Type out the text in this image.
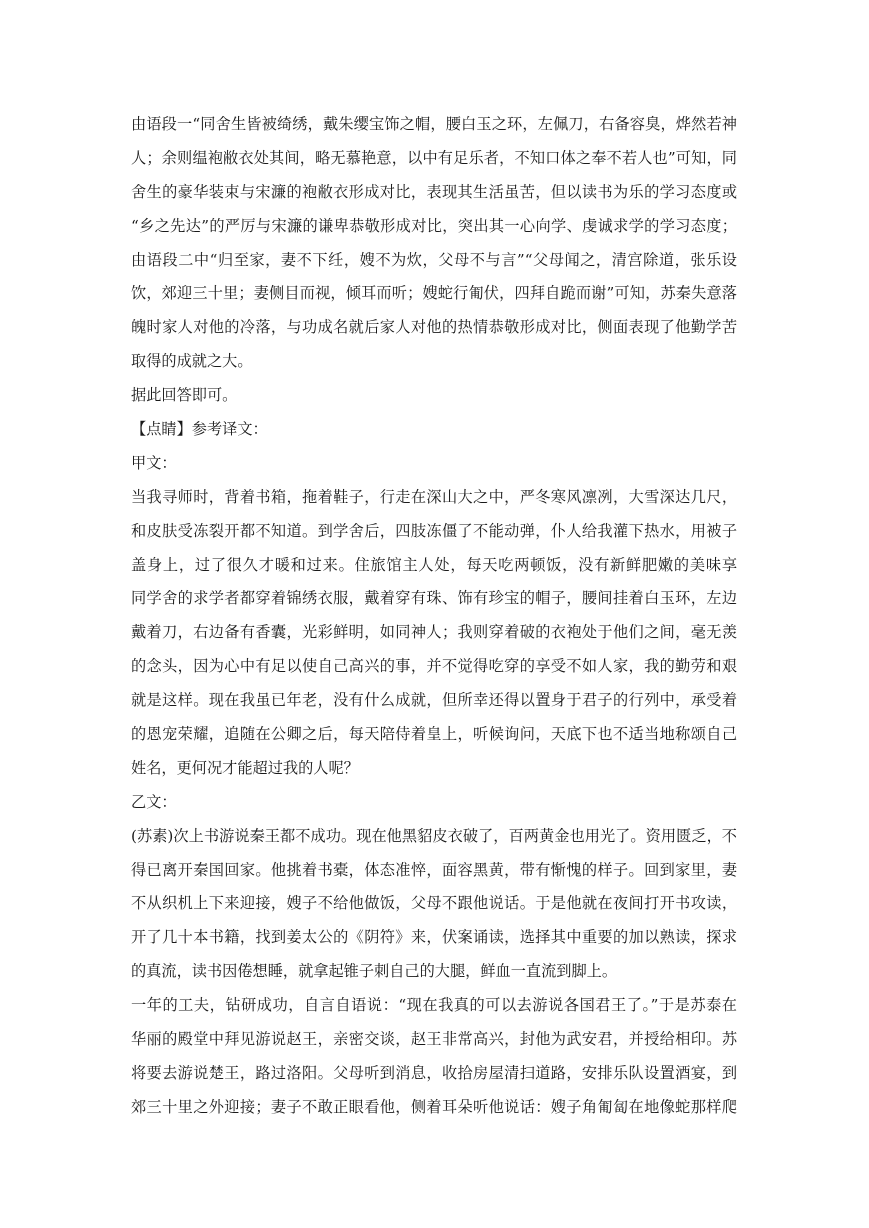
由语段一“同舍生皆被绮绣，戴朱缨宝饰之帽，腰白玉之环，左佩刀，右备容臭，烨然若神
人；余则缊袍敝衣处其间，略无慕艳意，以中有足乐者，不知口体之奉不若人也”可知，同
舍生的豪华装束与宋濂的袍敝衣形成对比，表现其生活虽苦，但以读书为乐的学习态度或
“乡之先达”的严厉与宋濂的谦卑恭敬形成对比，突出其一心向学、虔诚求学的学习态度；
由语段二中“归至家，妻不下纴，嫂不为炊，父母不与言”“父母闻之，清宫除道，张乐设
饮，郊迎三十里；妻侧目而视，倾耳而听；嫂蛇行匍伏，四拜自跪而谢”可知，苏秦失意落
魄时家人对他的冷落，与功成名就后家人对他的热情恭敬形成对比，侧面表现了他勤学苦
取得的成就之大。
据此回答即可。
【点睛】参考译文：
甲文：
当我寻师时，背着书箱，拖着鞋子，行走在深山大之中，严冬寒风凛冽，大雪深达几尺，
和皮肤受冻裂开都不知道。到学舍后，四肢冻僵了不能动弹，仆人给我灌下热水，用被子
盖身上，过了很久才暖和过来。住旅馆主人处，每天吃两顿饭，没有新鲜肥嫩的美味享
同学舍的求学者都穿着锦绣衣服，戴着穿有珠、饰有珍宝的帽子，腰间挂着白玉环，左边
戴着刀，右边备有香囊，光彩鲜明，如同神人；我则穿着破的衣袍处于他们之间，毫无羡
的念头，因为心中有足以使自己高兴的事，并不觉得吃穿的享受不如人家，我的勤劳和艰
就是这样。现在我虽已年老，没有什么成就，但所幸还得以置身于君子的行列中，承受着
的恩宠荣耀，追随在公卿之后，每天陪侍着皇上，听候询问，天底下也不适当地称颂自己
姓名，更何况才能超过我的人呢？
乙文：
(苏素)次上书游说秦王都不成功。现在他黑貂皮衣破了，百两黄金也用光了。资用匮乏，不
得已离开秦国回家。他挑着书橐，体态准悴，面容黑黄，带有惭愧的样子。回到家里，妻
不从织机上下来迎接，嫂子不给他做饭，父母不跟他说话。于是他就在夜间打开书攻读，
开了几十本书籍，找到姜太公的《阴符》来，伏案诵读，选择其中重要的加以熟读，探求
的真流，读书因倦想睡，就拿起锥子刺自己的大腿，鲜血一直流到脚上。
一年的工夫，钻研成功，自言自语说：“现在我真的可以去游说各国君王了。”于是苏泰在
华丽的殿堂中拜见游说赵王，亲密交谈，赵王非常高兴，封他为武安君，并授给相印。苏
将要去游说楚王，路过洛阳。父母听到消息，收拾房屋清扫道路，安排乐队设置酒宴，到
郊三十里之外迎接；妻子不敢正眼看他，侧着耳朵听他说话：嫂子角匍匐在地像蛇那样爬
